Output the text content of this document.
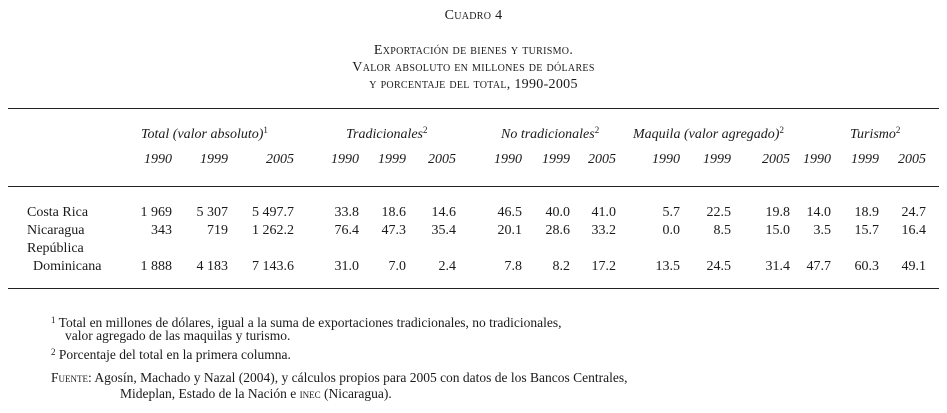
Cuadro 4
Exportación de bienes y turismo.
Valor absoluto en millones de dólares
y porcentaje del total, 1990-2005
Total (valor absoluto)$^1$	Tradicionales$^2$	No tradicionales$^2$ Maquila (valor agregado)$^2$	Turismo$^2$
1990	1999	2005	1990	1999	2005	1990	1999	2005	1990	1999	2005 1990	1999	2005
Costa Rica	1 969	5 307	5 497.7	33.8	18.6	14.6	46.5	40.0	41.0	5.7	22.5	19.8	14.0	18.9	24.7
Nicaragua	343	719	1 262.2	76.4	47.3	35.4	20.1	28.6	33.2	0.0	8.5	15.0	3.5	15.7	16.4
República
Dominicana	1 888	4 183	7 143.6	31.0	7.0	2.4	7.8	8.2	17.2	13.5	24.5	31.4	47.7	60.3	49.1
$^1$ Total en millones de dólares, igual a la suma de exportaciones tradicionales, no tradicionales,
valor agregado de las maquilas y turismo.
$^2$ Porcentaje del total en la primera columna.
Fuente: Agosín, Machado y Nazal (2004), y cálculos propios para 2005 con datos de los Bancos Centrales,
Mideplan, Estado de la Nación e inec (Nicaragua).
